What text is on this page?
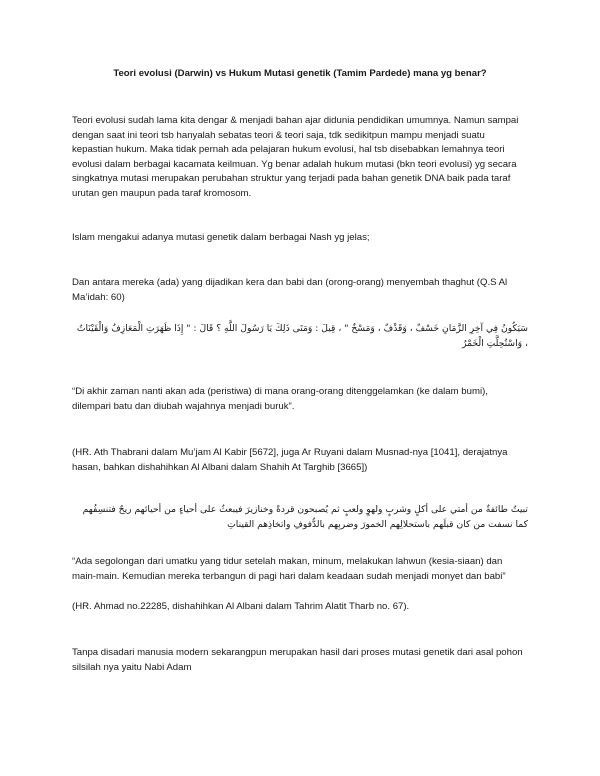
Teori evolusi (Darwin) vs Hukum Mutasi genetik (Tamim Pardede) mana yg benar?

Teori evolusi sudah lama kita dengar & menjadi bahan ajar didunia pendidikan umumnya. Namun sampai dengan saat ini teori tsb hanyalah sebatas teori & teori saja, tdk sedikitpun mampu menjadi suatu kepastian hukum. Maka tidak pernah ada pelajaran hukum evolusi, hal tsb disebabkan lemahnya teori evolusi dalam berbagai kacamata keilmuan. Yg benar adalah hukum mutasi (bkn teori evolusi) yg secara singkatnya mutasi merupakan perubahan struktur yang terjadi pada bahan genetik DNA baik pada taraf urutan gen maupun pada taraf kromosom.

Islam mengakui adanya mutasi genetik dalam berbagai Nash yg jelas;

Dan antara mereka (ada) yang dijadikan kera dan babi dan (orong-orang) menyembah thaghut (Q.S Al Ma’idah: 60)

سَيَكُونُ فِي آخِرِ الزَّمَانِ خَسْفٌ ، وَقَذْفٌ ، وَمَسْخٌ " ، قِيلَ : وَمَتَى ذَلِكَ يَا رَسُولَ اللَّهِ ؟ قَالَ : " إِذَا ظَهَرَتِ الْمَعَازِفُ وَالْقَيْنَاتُ ، وَاسْتُحِلَّتِ الْخَمْرُ

“Di akhir zaman nanti akan ada (peristiwa) di mana orang-orang ditenggelamkan (ke dalam bumi), dilempari batu dan diubah wajahnya menjadi buruk”.

(HR. Ath Thabrani dalam Mu’jam Al Kabir [5672], juga Ar Ruyani dalam Musnad-nya [1041], derajatnya hasan, bahkan dishahihkan Al Albani dalam Shahih At Targhib [3665])

تبيتُ طائفةٌ من أمتي على أكلٍ وشربٍ ولهوٍ ولعبٍ ثم يُصبحون قردةً وخنازيرَ فيبعثُ على أحياءٍ من أحيائهم ريحٌ فتنسِفُهم كما نسفت من كان قبلَهم باستحلالِهم الخمورَ وضربِهم بالدُّفوفِ واتخاذِهم القيناتِ

“Ada segolongan dari umatku yang tidur setelah makan, minum, melakukan lahwun (kesia-siaan) dan main-main. Kemudian mereka terbangun di pagi hari dalam keadaan sudah menjadi monyet dan babi”

(HR. Ahmad no.22285, dishahihkan Al Albani dalam Tahrim Alatit Tharb no. 67).

Tanpa disadari manusia modern sekarangpun merupakan hasil dari proses mutasi genetik dari asal pohon silsilah nya yaitu Nabi Adam
